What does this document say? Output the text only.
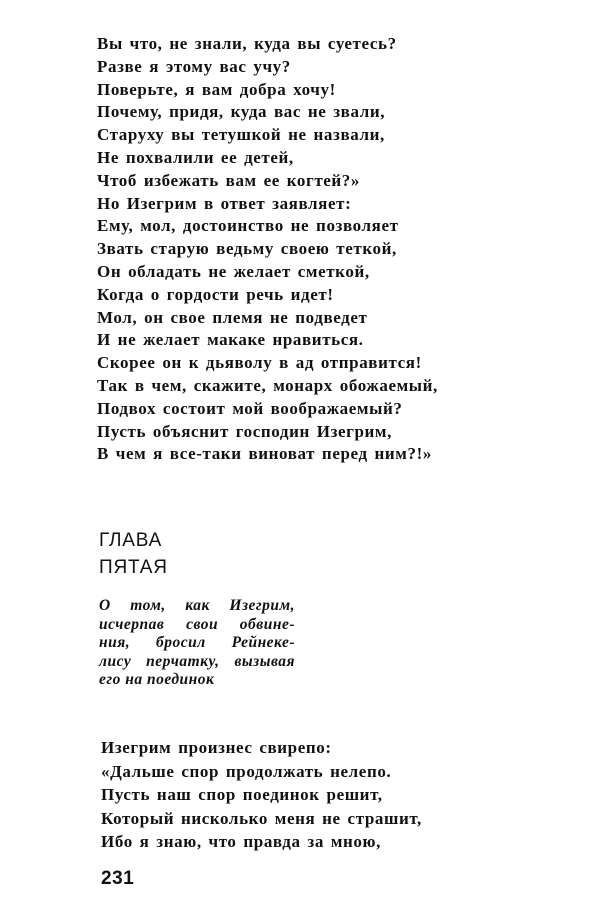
Вы что, не знали, куда вы суетесь?
Разве я этому вас учу?
Поверьте, я вам добра хочу!
Почему, придя, куда вас не звали,
Старуху вы тетушкой не назвали,
Не похвалили ее детей,
Чтоб избежать вам ее когтей?»
Но Изегрим в ответ заявляет:
Ему, мол, достоинство не позволяет
Звать старую ведьму своею теткой,
Он обладать не желает сметкой,
Когда о гордости речь идет!
Мол, он свое племя не подведет
И не желает макаке нравиться.
Скорее он к дьяволу в ад отправится!
Так в чем, скажите, монарх обожаемый,
Подвох состоит мой воображаемый?
Пусть объяснит господин Изегрим,
В чем я все-таки виноват перед ним?!»
ГЛАВА
ПЯТАЯ

О том, как Изегрим,
исчерпав свои обвине-
ния, бросил Рейнеке-
лису перчатку, вызывая
его на поединок

Изегрим произнес свирепо:
«Дальше спор продолжать нелепо.
Пусть наш спор поединок решит,
Который нисколько меня не страшит,
Ибо я знаю, что правда за мною,
231
